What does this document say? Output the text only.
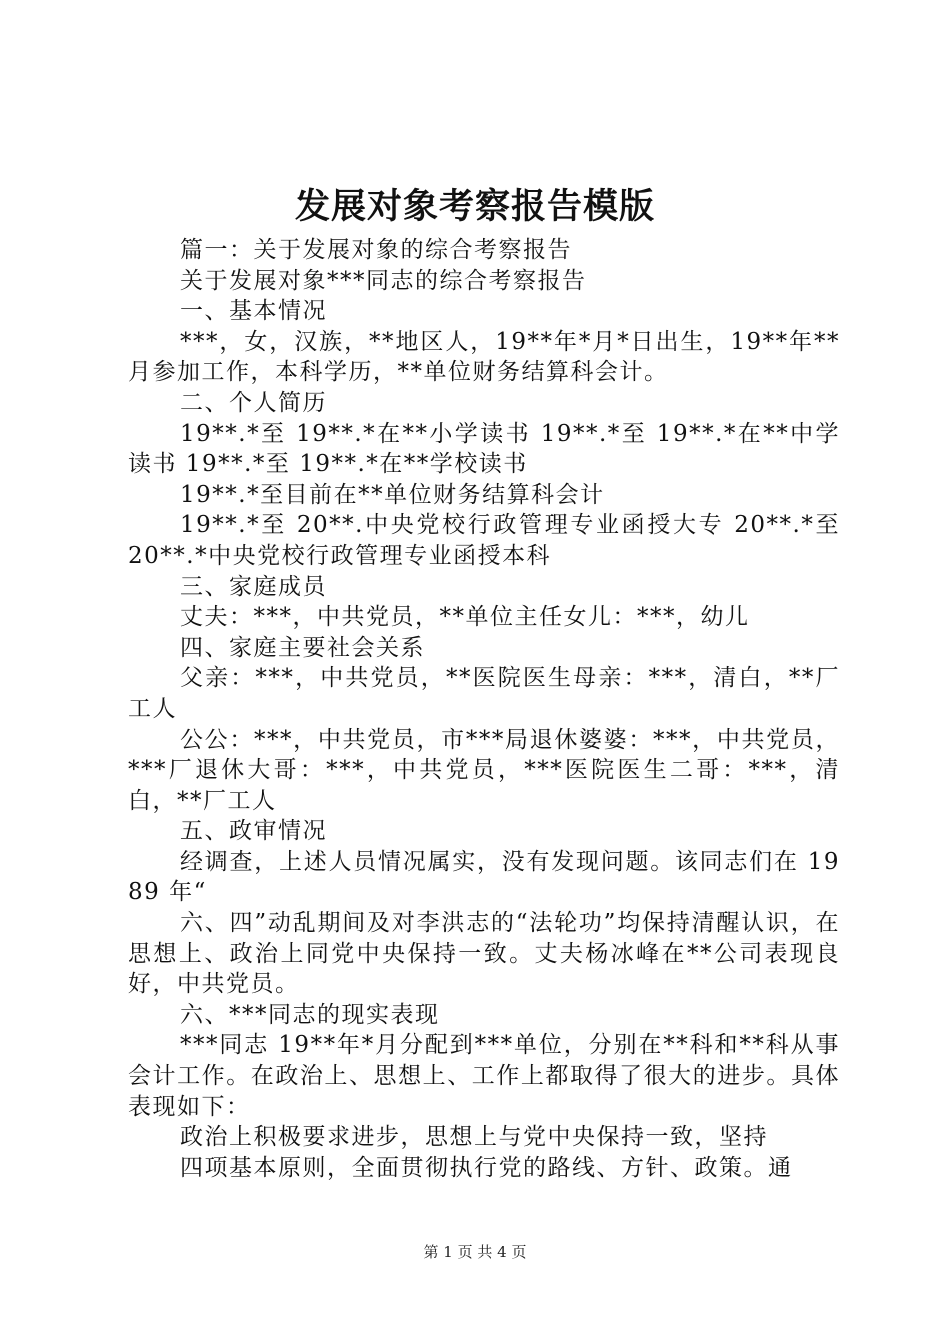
发展对象考察报告模版

篇一：关于发展对象的综合考察报告

关于发展对象***同志的综合考察报告

一、基本情况

***，女，汉族，**地区人，19**年*月*日出生，19**年**月参加工作，本科学历，**单位财务结算科会计。

二、个人简历

19**.*至 19**.*在**小学读书 19**.*至 19**.*在**中学读书 19**.*至 19**.*在**学校读书

19**.*至目前在**单位财务结算科会计

19**.*至 20**.中央党校行政管理专业函授大专 20**.*至 20**.*中央党校行政管理专业函授本科

三、家庭成员

丈夫：***，中共党员，**单位主任女儿：***，幼儿

四、家庭主要社会关系

父亲：***，中共党员，**医院医生母亲：***，清白，**厂工人

公公：***，中共党员，市***局退休婆婆：***，中共党员，***厂退休大哥：***，中共党员，***医院医生二哥：***，清白，**厂工人

五、政审情况

经调查，上述人员情况属实，没有发现问题。该同志们在 1989 年“

六、四”动乱期间及对李洪志的“法轮功”均保持清醒认识，在思想上、政治上同党中央保持一致。丈夫杨冰峰在**公司表现良好，中共党员。

六、***同志的现实表现

***同志 19**年*月分配到***单位，分别在**科和**科从事会计工作。在政治上、思想上、工作上都取得了很大的进步。具体表现如下：

政治上积极要求进步，思想上与党中央保持一致，坚持

四项基本原则，全面贯彻执行党的路线、方针、政策。通

第 1 页 共 4 页
